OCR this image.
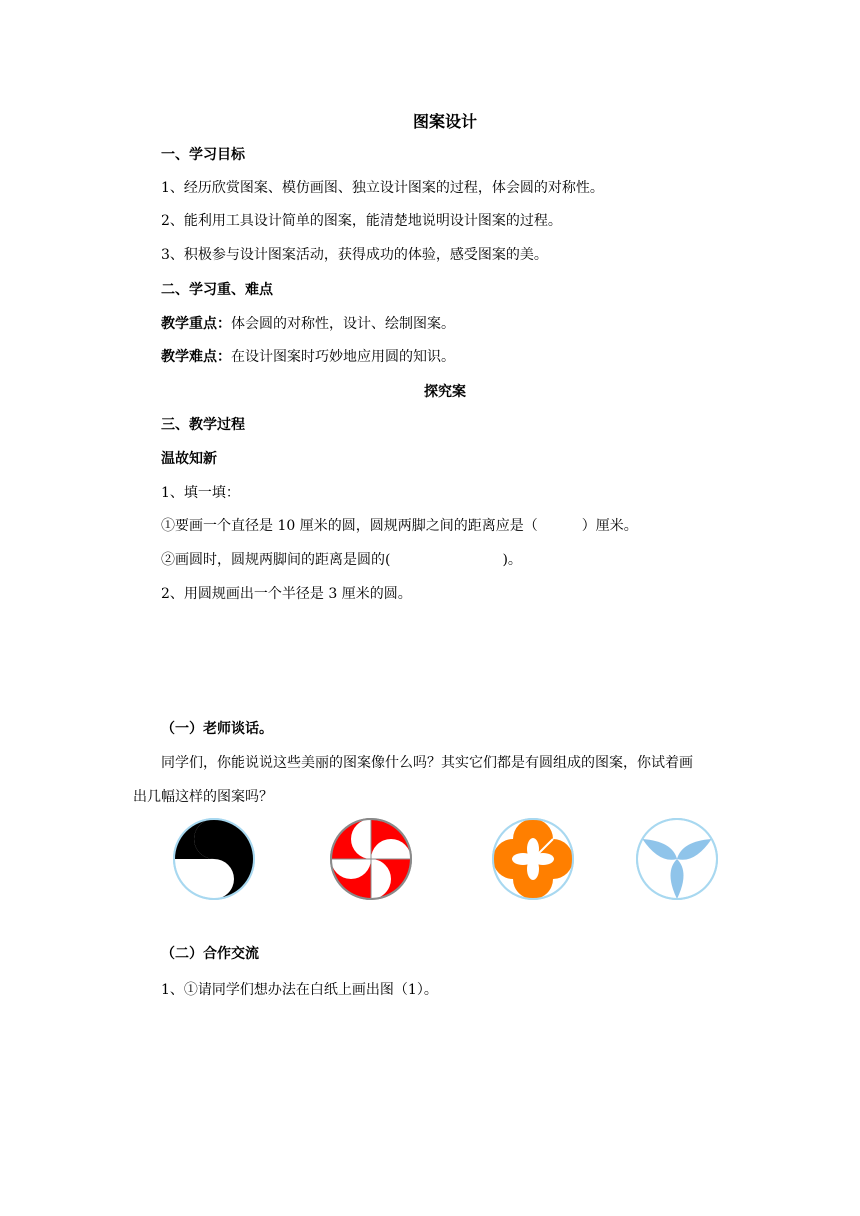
图案设计
一、学习目标
1、经历欣赏图案、模仿画图、独立设计图案的过程，体会圆的对称性。
2、能利用工具设计简单的图案，能清楚地说明设计图案的过程。
3、积极参与设计图案活动，获得成功的体验，感受图案的美。
二、学习重、难点
教学重点：体会圆的对称性，设计、绘制图案。
教学难点：在设计图案时巧妙地应用圆的知识。
探究案
三、教学过程
温故知新
1、填一填：
①要画一个直径是 10 厘米的圆，圆规两脚之间的距离应是（	）厘米。
②画圆时，圆规两脚间的距离是圆的(	)。
2、用圆规画出一个半径是 3 厘米的圆。
（一）老师谈话。
同学们，你能说说这些美丽的图案像什么吗？其实它们都是有圆组成的图案，你试着画
出几幅这样的图案吗？
（二）合作交流
1、①请同学们想办法在白纸上画出图（1）。
